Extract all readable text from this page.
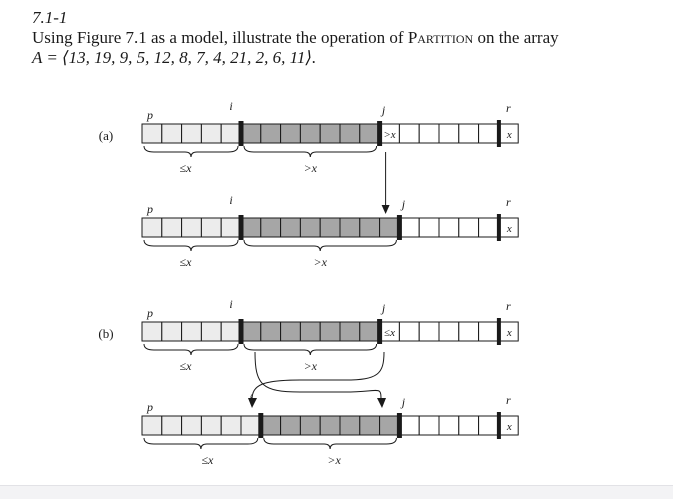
7.1-1

Using Figure 7.1 as a model, illustrate the operation of Partition on the array
A = ⟨13, 19, 9, 5, 12, 8, 7, 4, 21, 2, 6, 11⟩.

(a)	>x	x
p
i	j	r
≤x	>x
x
p
i	j	r
≤x	>x
(b)	≤x	x
p
i	j	r
≤x	>x
x
p	j	r
≤x	>x
